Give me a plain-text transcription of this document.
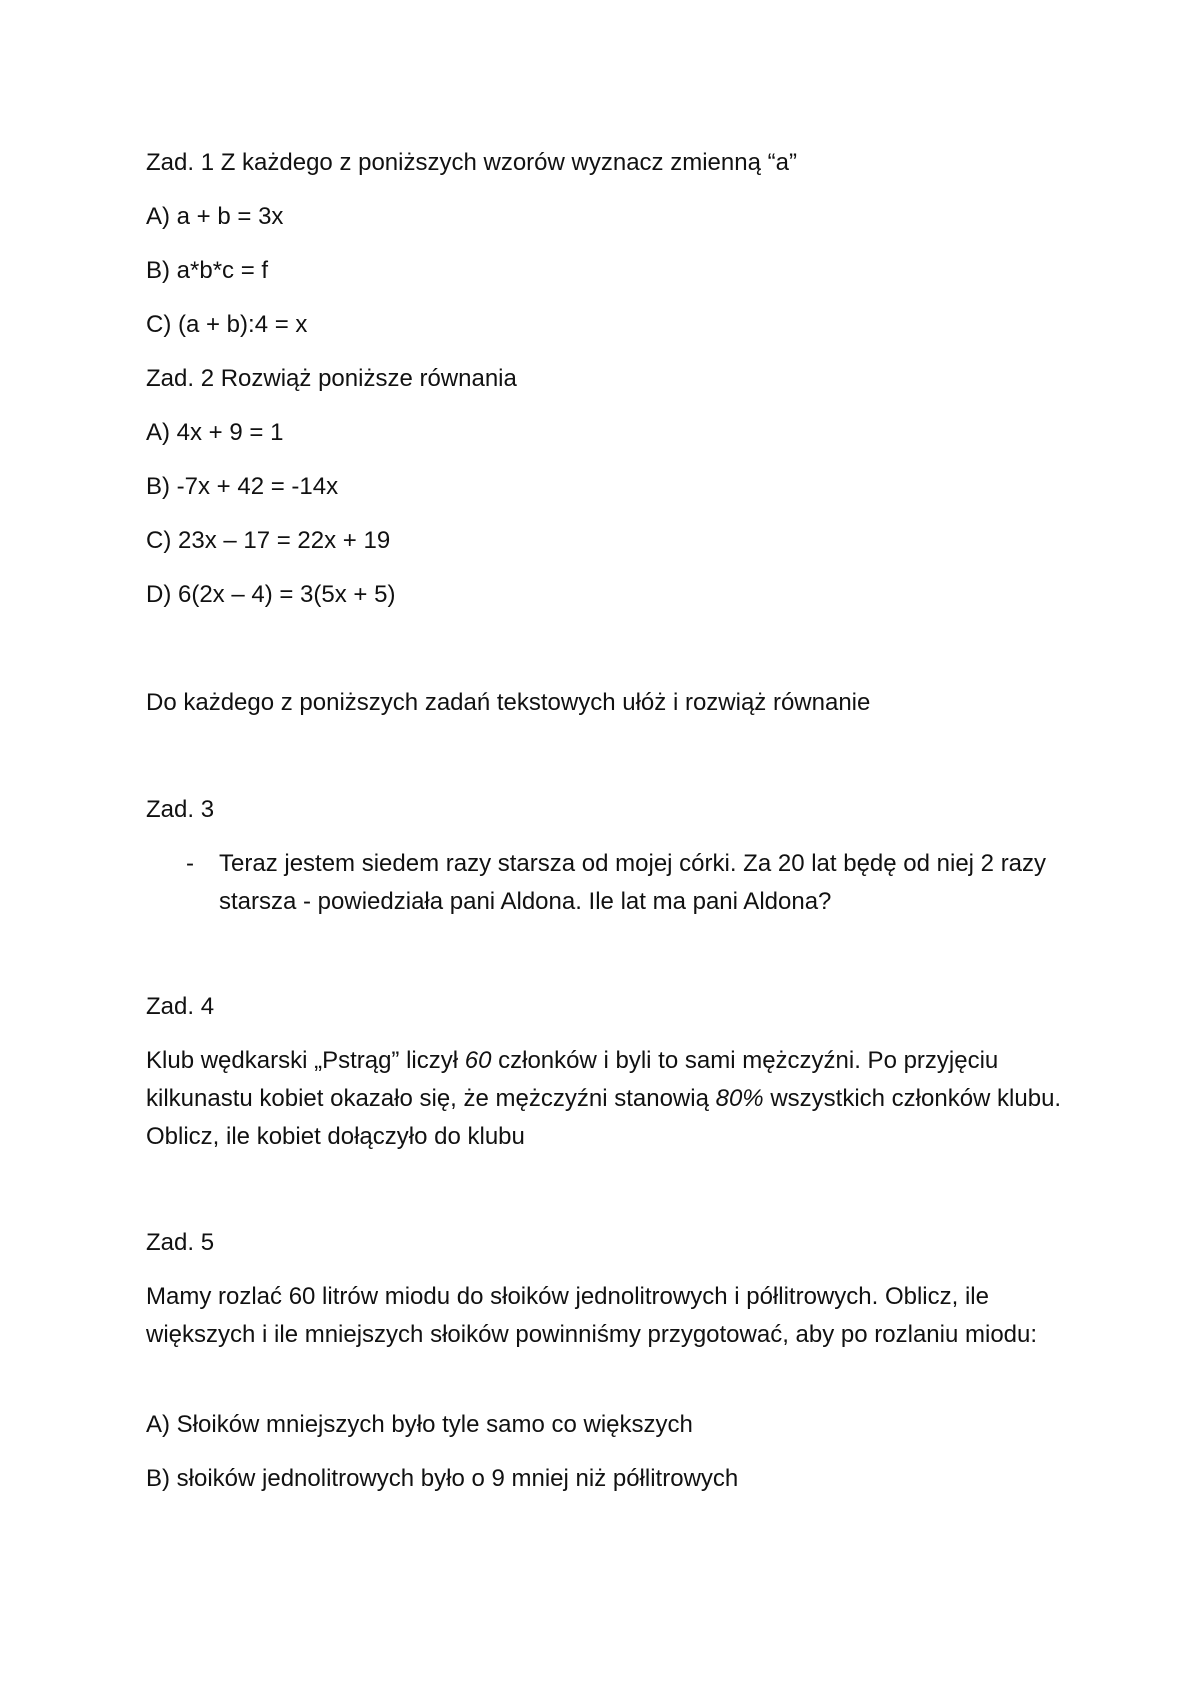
Zad. 1 Z każdego z poniższych wzorów wyznacz zmienną “a”
A) a + b = 3x
B) a*b*c = f
C) (a + b):4 = x
Zad. 2 Rozwiąż poniższe równania
A) 4x + 9 = 1
B) -7x + 42 = -14x
C) 23x – 17 = 22x + 19
D) 6(2x – 4) = 3(5x + 5)
Do każdego z poniższych zadań tekstowych ułóż i rozwiąż równanie
Zad. 3
- Teraz jestem siedem razy starsza od mojej córki. Za 20 lat będę od niej 2 razy starsza - powiedziała pani Aldona. Ile lat ma pani Aldona?
Zad. 4

Klub wędkarski „Pstrąg” liczył 60 członków i byli to sami mężczyźni. Po przyjęciu kilkunastu kobiet okazało się, że mężczyźni stanowią 80% wszystkich członków klubu. Oblicz, ile kobiet dołączyło do klubu

Zad. 5
Mamy rozlać 60 litrów miodu do słoików jednolitrowych i półlitrowych. Oblicz, ile większych i ile mniejszych słoików powinniśmy przygotować, aby po rozlaniu miodu:
A) Słoików mniejszych było tyle samo co większych
B) słoików jednolitrowych było o 9 mniej niż półlitrowych
